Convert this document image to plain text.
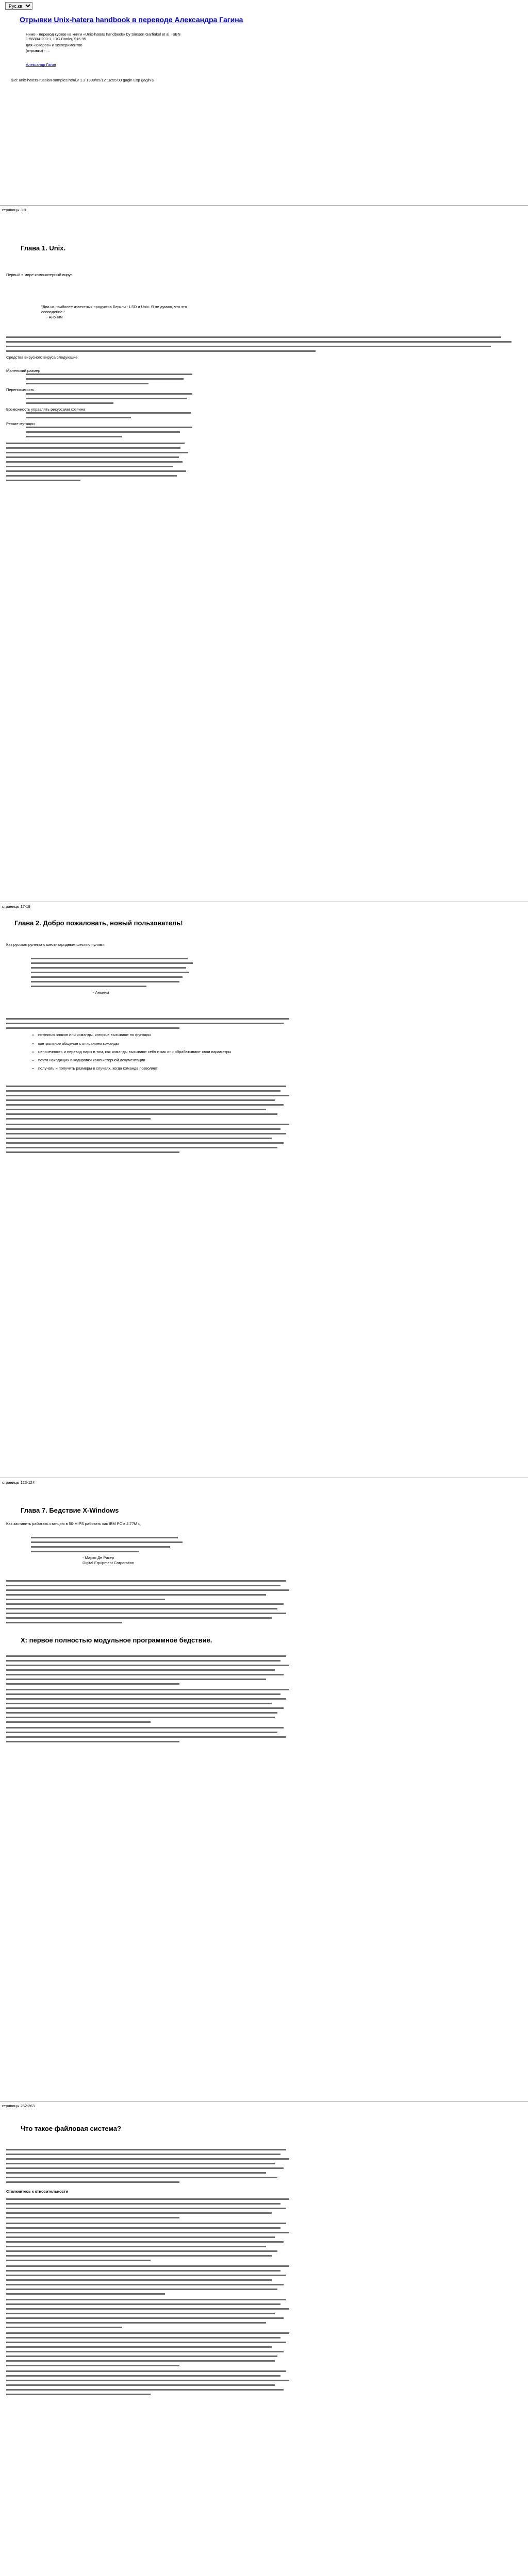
Рус.кв
Отрывки Unix-hatera handbook в переводе Александра Гагина

Ниже - перевод кусков из книги «Unix-haters handbook» by Simson Garfinkel et al. ISBN 1-56884-203-1, IDG Books, $16.95

для «юзеров» и экспериментов

(отрывки) - ...

Александр Гагин
$Id: unix-haters-russian-samples.html,v 1.3 1998/05/12 16:55:03 gagin Exp gagin $
страницы 3-9
Глава 1. Unix.
Первый в мире компьютерный вирус.
"Два из наиболее известных продуктов Беркли - LSD и Unix. Я не думаю, что это совпадение."
- Аноним
Средства вирусного вируса следующие:
Маленький размер
Переносимость
Возможность управлять ресурсами хозяина
Резкие мутации
страницы 17-19
Глава 2. Добро пожаловать, новый пользователь!
Как русская рулетка с шестизарядным шестью пулями
- Аноним
• поточных знаков или команды, которые вызывают по функции
• контрольное общение с описанием команды
• цепочечность и перевод пары в том, как команды вызывают себя и как они обрабатывают свои параметры
• почта находящих в кодировки компьютерной документации
• получать и получить размеры в случаях, когда команда позволяет
страницы 123-124
Глава 7. Бедствие X-Windows
Как заставить работать станцию в 50-MIPS работать как IBM PC в 4.77M ц
- Марко Де Рикер
Digital Equipment Corporation
X: первое полностью модульное программное бедствие.
страницы 262-263
Что такое файловая система?
Столкнитесь к относительности
